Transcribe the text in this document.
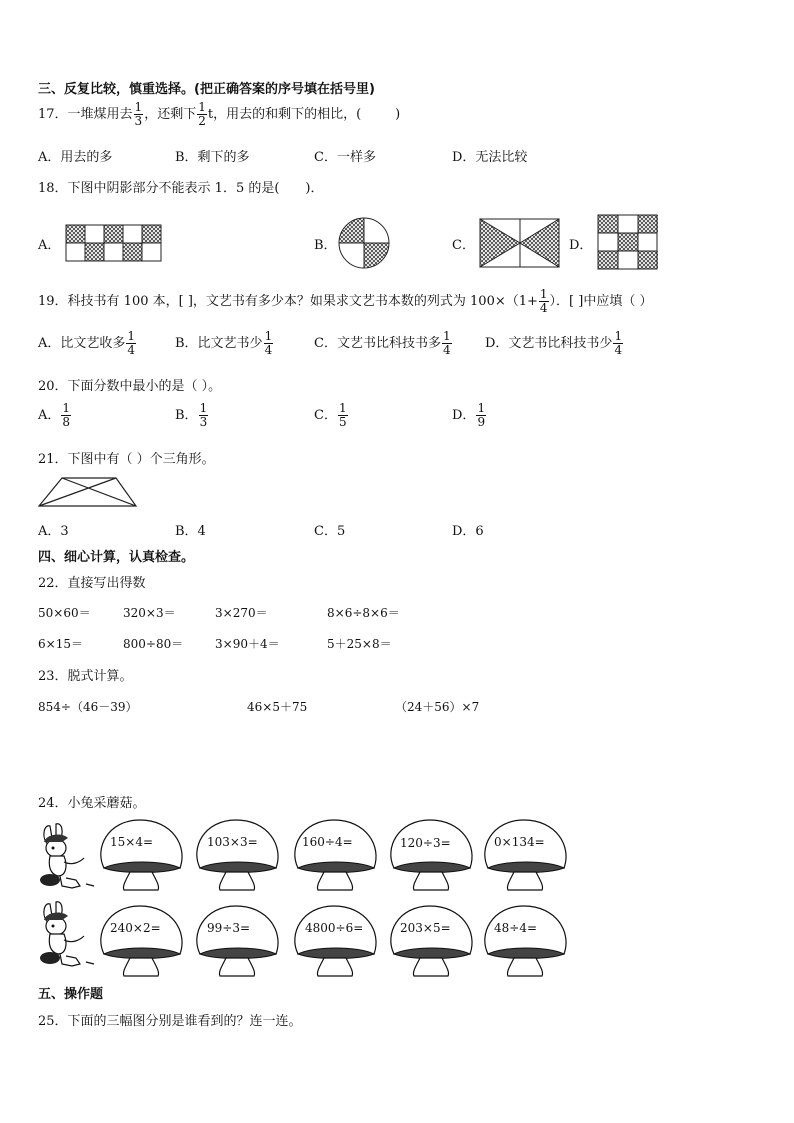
三、反复比较，慎重选择。(把正确答案的序号填在括号里)
17．一堆煤用去 $\frac{1}{3}$ ，还剩下 $\frac{1}{2}$ t，用去的和剩下的相比，(	)
A．用去的多	B．剩下的多	C．一样多	D．无法比较
18．下图中阴影部分不能表示 1．5 的是( )．
A．	B．	C．	D．
19．科技书有 100 本，[ ]，文艺书有多少本？如果求文艺书本数的列式为 $100\times(1+ \frac{1}{4}$ ）．[ ]中应填（ ）
A．比文艺收多 $\frac{1}{4}$	B．比文艺书少 $\frac{1}{4}$	C．文艺书比科技书多 $\frac{1}{4}$	D．文艺书比科技书少 $\frac{1}{4}$
20．下面分数中最小的是（ ）。
A． $\frac{1}{8}$	B． $\frac{1}{3}$	C． $\frac{1}{5}$	D． $\frac{1}{9}$
21．下图中有（ ）个三角形。
A．3	B．4	C．5	D．6
四、细心计算，认真检查。
22．直接写出得数
50×60＝	320×3＝	3×270＝	8×6÷8×6＝
6×15＝	800÷80＝	3×90＋4＝	5＋25×8＝
23．脱式计算。
854÷（46－39）	46×5＋75	（24＋56）×7
24．小兔采蘑菇。
15×4=	103×3=	160÷4=	120÷3=	0×134=
240×2=	99÷3=	4800÷6=	203×5=	48÷4=
五、操作题
25．下面的三幅图分别是谁看到的？连一连。
